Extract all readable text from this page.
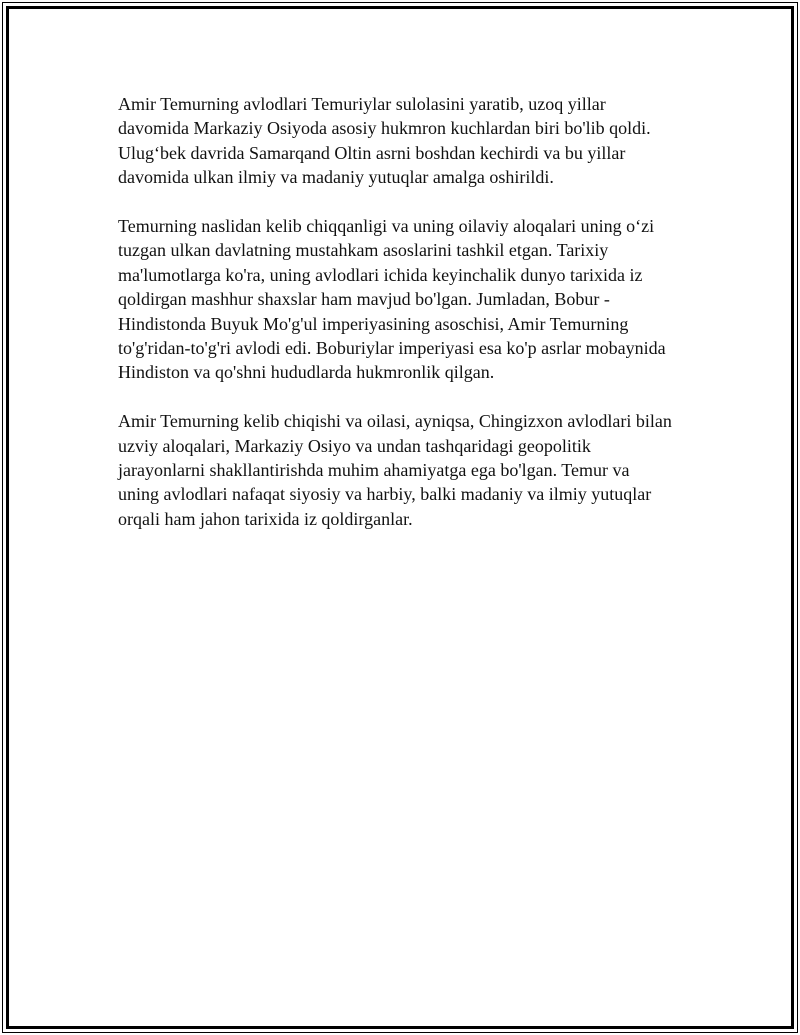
Amir Temurning avlodlari Temuriylar sulolasini yaratib, uzoq yillar
davomida Markaziy Osiyoda asosiy hukmron kuchlardan biri bo'lib qoldi.
Ulugʻbek davrida Samarqand Oltin asrni boshdan kechirdi va bu yillar
davomida ulkan ilmiy va madaniy yutuqlar amalga oshirildi.

Temurning naslidan kelib chiqqanligi va uning oilaviy aloqalari uning oʻzi
tuzgan ulkan davlatning mustahkam asoslarini tashkil etgan. Tarixiy
ma'lumotlarga ko'ra, uning avlodlari ichida keyinchalik dunyo tarixida iz
qoldirgan mashhur shaxslar ham mavjud bo'lgan. Jumladan, Bobur -
Hindistonda Buyuk Mo'g'ul imperiyasining asoschisi, Amir Temurning
to'g'ridan-to'g'ri avlodi edi. Boburiylar imperiyasi esa ko'p asrlar mobaynida
Hindiston va qo'shni hududlarda hukmronlik qilgan.

Amir Temurning kelib chiqishi va oilasi, ayniqsa, Chingizxon avlodlari bilan
uzviy aloqalari, Markaziy Osiyo va undan tashqaridagi geopolitik
jarayonlarni shakllantirishda muhim ahamiyatga ega bo'lgan. Temur va
uning avlodlari nafaqat siyosiy va harbiy, balki madaniy va ilmiy yutuqlar
orqali ham jahon tarixida iz qoldirganlar.
